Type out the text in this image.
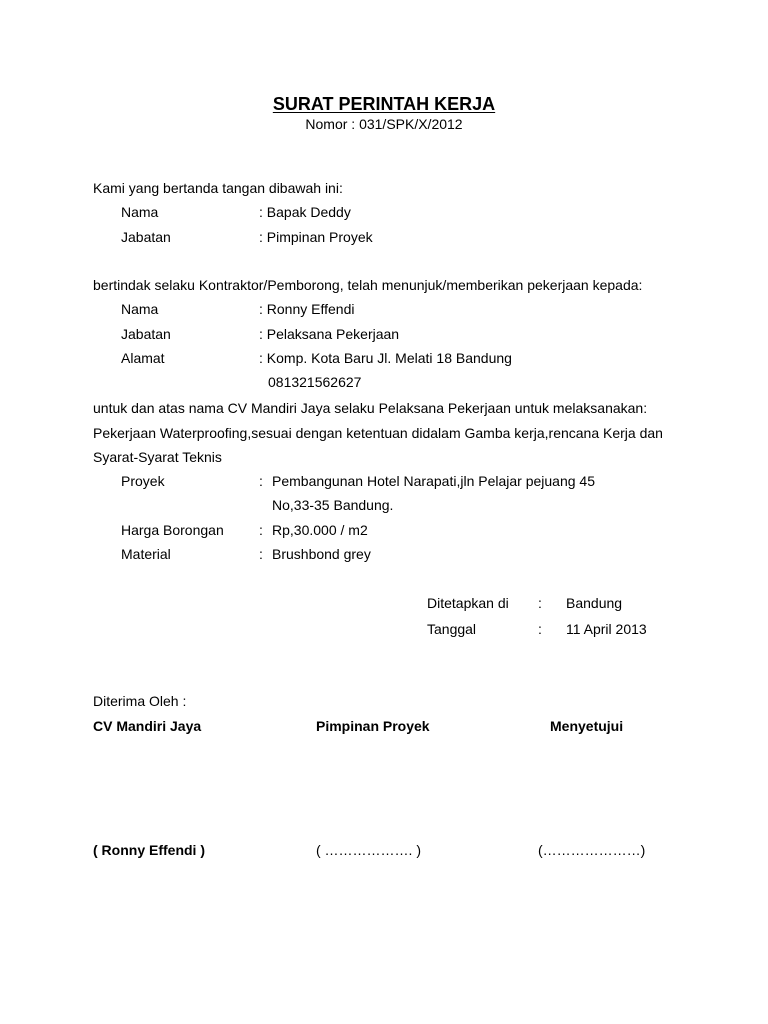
SURAT PERINTAH KERJA
Nomor : 031/SPK/X/2012
Kami yang bertanda tangan dibawah ini:
Nama	: Bapak Deddy
Jabatan	: Pimpinan Proyek
bertindak selaku Kontraktor/Pemborong, telah menunjuk/memberikan pekerjaan kepada:
Nama	: Ronny Effendi
Jabatan	: Pelaksana Pekerjaan
Alamat	: Komp. Kota Baru Jl. Melati 18 Bandung
081321562627
untuk dan atas nama CV Mandiri Jaya selaku Pelaksana Pekerjaan untuk melaksanakan:
Pekerjaan Waterproofing,sesuai dengan ketentuan didalam Gamba kerja,rencana Kerja dan
Syarat-Syarat Teknis
Proyek	: Pembangunan Hotel Narapati,jln Pelajar pejuang 45
No,33-35 Bandung.
Harga Borongan	: Rp,30.000 / m2
Material	: Brushbond grey
Ditetapkan di : Bandung
Tanggal	: 11 April 2013
Diterima Oleh :
CV Mandiri Jaya	Pimpinan Proyek	Menyetujui
( Ronny Effendi )	( ………………. )	(…………………)
